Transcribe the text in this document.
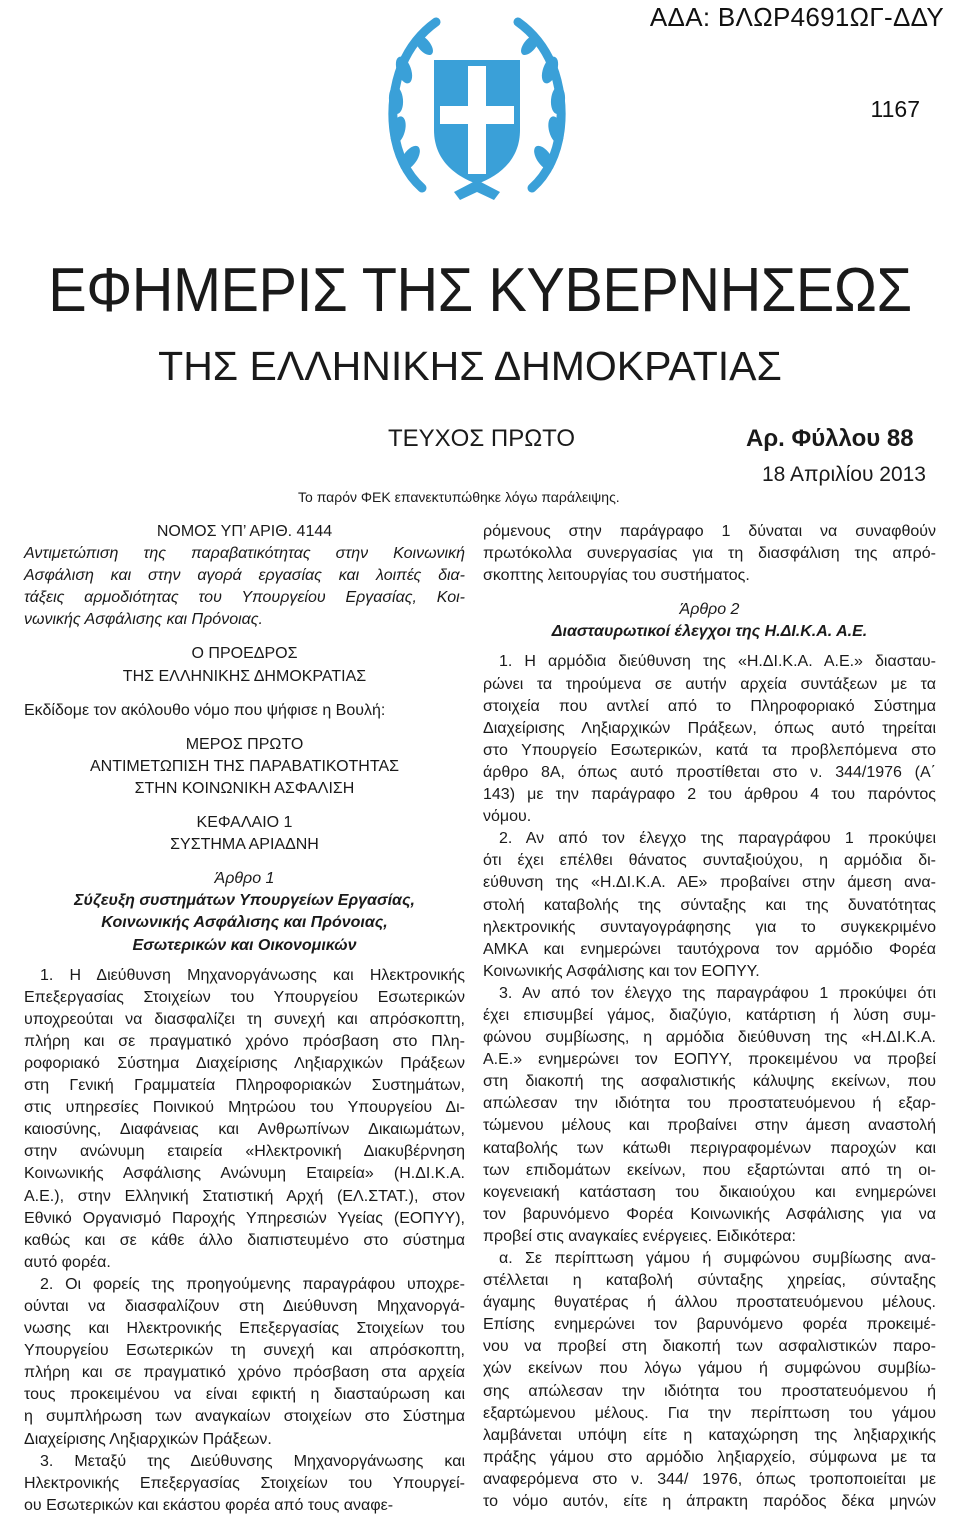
ΑΔΑ: ΒΛΩΡ4691ΩΓ-ΔΔΥ
1167
ΕΦΗΜΕΡΙΣ ΤΗΣ ΚΥΒΕΡΝΗΣΕΩΣ
ΤΗΣ ΕΛΛΗΝΙΚΗΣ ΔΗΜΟΚΡΑΤΙΑΣ
ΤΕΥΧΟΣ ΠΡΩΤΟ	Αρ. Φύλλου 88
18 Απριλίου 2013
Το παρόν ΦΕΚ επανεκτυπώθηκε λόγω παράλειψης.

ΝΟΜΟΣ ΥΠ’ ΑΡΙΘ. 4144

Αντιμετώπιση της παραβατικότητας στην Κοινωνική

Ασφάλιση και στην αγορά εργασίας και λοιπές δια-

τάξεις αρμοδιότητας του Υπουργείου Εργασίας, Κοι-

νωνικής Ασφάλισης και Πρόνοιας.

Ο ΠΡΟΕΔΡΟΣ

ΤΗΣ ΕΛΛΗΝΙΚΗΣ ΔΗΜΟΚΡΑΤΙΑΣ

Εκδίδομε τον ακόλουθο νόμο που ψήφισε η Βουλή:

ΜΕΡΟΣ ΠΡΩΤΟ

ΑΝΤΙΜΕΤΩΠΙΣΗ ΤΗΣ ΠΑΡΑΒΑΤΙΚΟΤΗΤΑΣ

ΣΤΗΝ ΚΟΙΝΩΝΙΚΗ ΑΣΦΑΛΙΣΗ

ΚΕΦΑΛΑΙΟ 1

ΣΥΣΤΗΜΑ ΑΡΙΑΔΝΗ

Άρθρο 1

Σύζευξη συστημάτων Υπουργείων Εργασίας,

Κοινωνικής Ασφάλισης και Πρόνοιας,

Εσωτερικών και Οικονομικών

1. Η Διεύθυνση Μηχανοργάνωσης και Ηλεκτρονικής

Επεξεργασίας Στοιχείων του Υπουργείου Εσωτερικών

υποχρεούται να διασφαλίζει τη συνεχή και απρόσκοπτη,

πλήρη και σε πραγματικό χρόνο πρόσβαση στο Πλη-

ροφοριακό Σύστημα Διαχείρισης Ληξιαρχικών Πράξεων

στη Γενική Γραμματεία Πληροφοριακών Συστημάτων,

στις υπηρεσίες Ποινικού Μητρώου του Υπουργείου Δι-

καιοσύνης, Διαφάνειας και Ανθρωπίνων Δικαιωμάτων,

στην ανώνυμη εταιρεία «Ηλεκτρονική Διακυβέρνηση

Κοινωνικής Ασφάλισης Ανώνυμη Εταιρεία» (Η.ΔΙ.Κ.Α.

Α.Ε.), στην Ελληνική Στατιστική Αρχή (ΕΛ.ΣΤΑΤ.), στον

Εθνικό Οργανισμό Παροχής Υπηρεσιών Υγείας (ΕΟΠΥΥ),

καθώς και σε κάθε άλλο διαπιστευμένο στο σύστημα

αυτό φορέα.

2. Οι φορείς της προηγούμενης παραγράφου υποχρε-

ούνται να διασφαλίζουν στη Διεύθυνση Μηχανοργά-

νωσης και Ηλεκτρονικής Επεξεργασίας Στοιχείων του

Υπουργείου Εσωτερικών τη συνεχή και απρόσκοπτη,

πλήρη και σε πραγματικό χρόνο πρόσβαση στα αρχεία

τους προκειμένου να είναι εφικτή η διασταύρωση και

η συμπλήρωση των αναγκαίων στοιχείων στο Σύστημα

Διαχείρισης Ληξιαρχικών Πράξεων.

3. Μεταξύ της Διεύθυνσης Μηχανοργάνωσης και

Ηλεκτρονικής Επεξεργασίας Στοιχείων του Υπουργεί-

ου Εσωτερικών και εκάστου φορέα από τους αναφε-

ρόμενους στην παράγραφο 1 δύναται να συναφθούν

πρωτόκολλα συνεργασίας για τη διασφάλιση της απρό-

σκοπτης λειτουργίας του συστήματος.

Άρθρο 2

Διασταυρωτικοί έλεγχοι της Η.ΔΙ.Κ.Α. Α.Ε.

1. Η αρμόδια διεύθυνση της «Η.ΔΙ.Κ.Α. Α.Ε.» διασταυ-

ρώνει τα τηρούμενα σε αυτήν αρχεία συντάξεων με τα

στοιχεία που αντλεί από το Πληροφοριακό Σύστημα

Διαχείρισης Ληξιαρχικών Πράξεων, όπως αυτό τηρείται

στο Υπουργείο Εσωτερικών, κατά τα προβλεπόμενα στο

άρθρο 8Α, όπως αυτό προστίθεται στο ν. 344/1976 (Α΄

143) με την παράγραφο 2 του άρθρου 4 του παρόντος

νόμου.

2. Αν από τον έλεγχο της παραγράφου 1 προκύψει

ότι έχει επέλθει θάνατος συνταξιούχου, η αρμόδια δι-

εύθυνση της «Η.ΔΙ.Κ.Α. ΑΕ» προβαίνει στην άμεση ανα-

στολή καταβολής της σύνταξης και της δυνατότητας

ηλεκτρονικής συνταγογράφησης για το συγκεκριμένο

ΑΜΚΑ και ενημερώνει ταυτόχρονα τον αρμόδιο Φορέα

Κοινωνικής Ασφάλισης και τον ΕΟΠΥΥ.

3. Αν από τον έλεγχο της παραγράφου 1 προκύψει ότι

έχει επισυμβεί γάμος, διαζύγιο, κατάρτιση ή λύση συμ-

φώνου συμβίωσης, η αρμόδια διεύθυνση της «Η.ΔΙ.Κ.Α.

Α.Ε.» ενημερώνει τον ΕΟΠΥΥ, προκειμένου να προβεί

στη διακοπή της ασφαλιστικής κάλυψης εκείνων, που

απώλεσαν την ιδιότητα του προστατευόμενου ή εξαρ-

τώμενου μέλους και προβαίνει στην άμεση αναστολή

καταβολής των κάτωθι περιγραφομένων παροχών και

των επιδομάτων εκείνων, που εξαρτώνται από τη οι-

κογενειακή κατάσταση του δικαιούχου και ενημερώνει

τον βαρυνόμενο Φορέα Κοινωνικής Ασφάλισης για να

προβεί στις αναγκαίες ενέργειες. Ειδικότερα:

α. Σε περίπτωση γάμου ή συμφώνου συμβίωσης ανα-

στέλλεται η καταβολή σύνταξης χηρείας, σύνταξης

άγαμης θυγατέρας ή άλλου προστατευόμενου μέλους.

Επίσης ενημερώνει τον βαρυνόμενο φορέα προκειμέ-

νου να προβεί στη διακοπή των ασφαλιστικών παρο-

χών εκείνων που λόγω γάμου ή συμφώνου συμβίω-

σης απώλεσαν την ιδιότητα του προστατευόμενου ή

εξαρτώμενου μέλους. Για την περίπτωση του γάμου

λαμβάνεται υπόψη είτε η καταχώρηση της ληξιαρχικής

πράξης γάμου στο αρμόδιο ληξιαρχείο, σύμφωνα με τα

αναφερόμενα στο ν. 344/ 1976, όπως τροποποιείται με

το νόμο αυτόν, είτε η άπρακτη παρόδος δέκα μηνών
